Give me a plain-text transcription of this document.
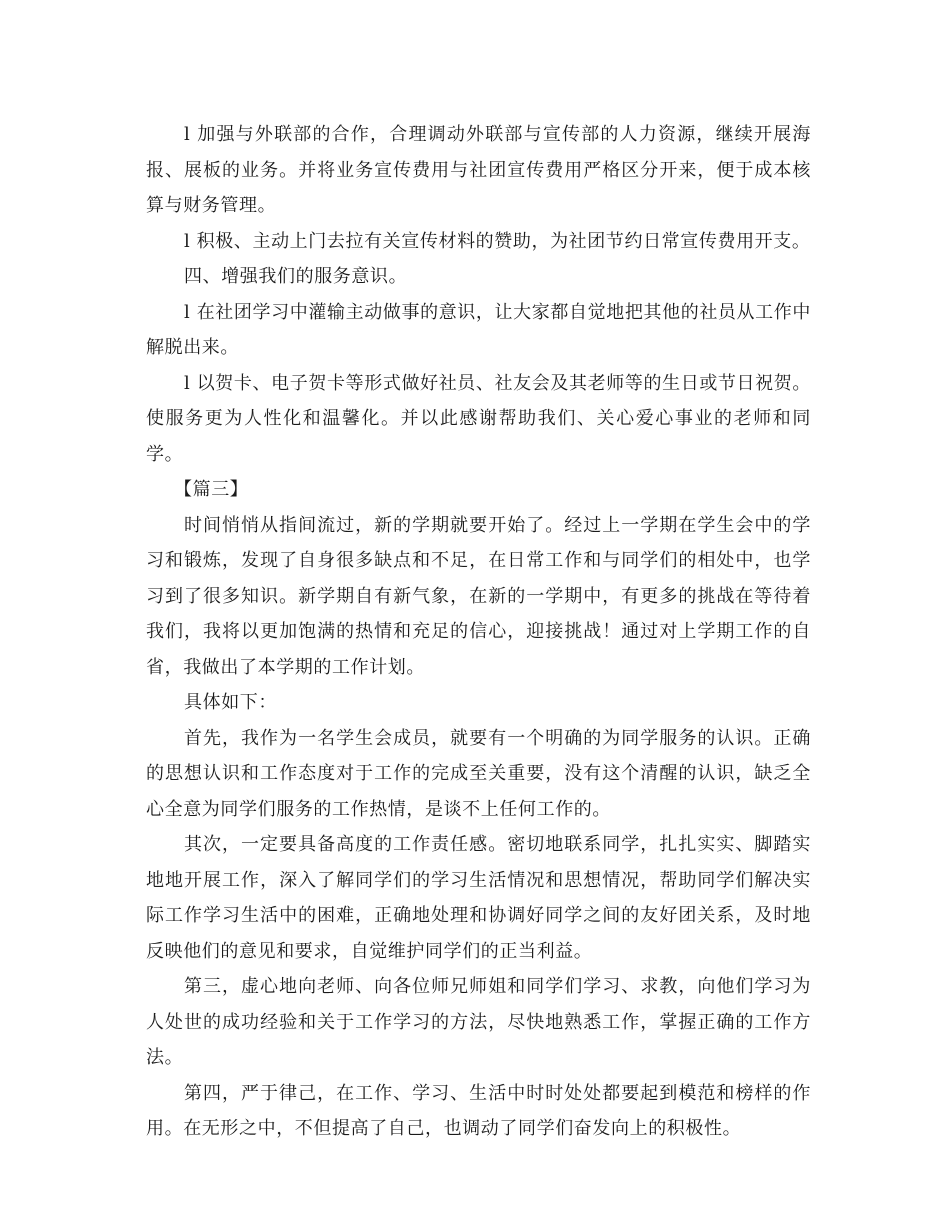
l 加强与外联部的合作，合理调动外联部与宣传部的人力资源，继续开展海报、展板的业务。并将业务宣传费用与社团宣传费用严格区分开来，便于成本核算与财务管理。

l 积极、主动上门去拉有关宣传材料的赞助，为社团节约日常宣传费用开支。

四、增强我们的服务意识。

l 在社团学习中灌输主动做事的意识，让大家都自觉地把其他的社员从工作中解脱出来。

l 以贺卡、电子贺卡等形式做好社员、社友会及其老师等的生日或节日祝贺。使服务更为人性化和温馨化。并以此感谢帮助我们、关心爱心事业的老师和同学。

【篇三】

时间悄悄从指间流过，新的学期就要开始了。经过上一学期在学生会中的学习和锻炼，发现了自身很多缺点和不足，在日常工作和与同学们的相处中，也学习到了很多知识。新学期自有新气象，在新的一学期中，有更多的挑战在等待着我们，我将以更加饱满的热情和充足的信心，迎接挑战！通过对上学期工作的自省，我做出了本学期的工作计划。

具体如下：

首先，我作为一名学生会成员，就要有一个明确的为同学服务的认识。正确的思想认识和工作态度对于工作的完成至关重要，没有这个清醒的认识，缺乏全心全意为同学们服务的工作热情，是谈不上任何工作的。

其次，一定要具备高度的工作责任感。密切地联系同学，扎扎实实、脚踏实地地开展工作，深入了解同学们的学习生活情况和思想情况，帮助同学们解决实际工作学习生活中的困难，正确地处理和协调好同学之间的友好团关系，及时地反映他们的意见和要求，自觉维护同学们的正当利益。

第三，虚心地向老师、向各位师兄师姐和同学们学习、求教，向他们学习为人处世的成功经验和关于工作学习的方法，尽快地熟悉工作，掌握正确的工作方法。

第四，严于律己，在工作、学习、生活中时时处处都要起到模范和榜样的作用。在无形之中，不但提高了自己，也调动了同学们奋发向上的积极性。
